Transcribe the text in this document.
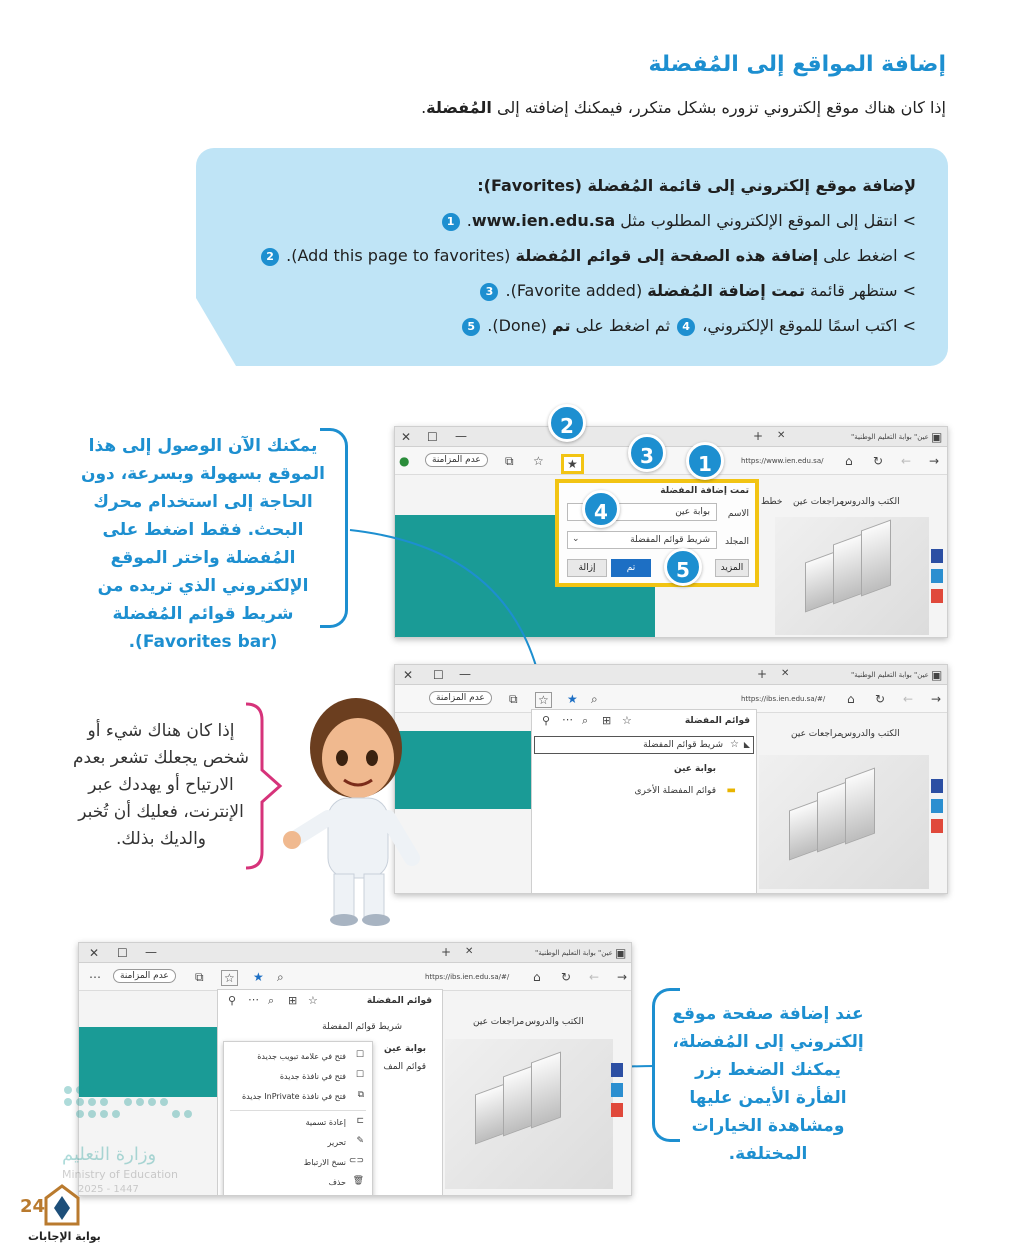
إضافة المواقع إلى المُفضلة
إذا كان هناك موقع إلكتروني تزوره بشكل متكرر، فيمكنك إضافته إلى المُفضلة.
لإضافة موقع إلكتروني إلى قائمة المُفضلة (Favorites):
> انتقل إلى الموقع الإلكتروني المطلوب مثل www.ien.edu.sa. 1
> اضغط على إضافة هذه الصفحة إلى قوائم المُفضلة (Add this page to favorites). 2
> ستظهر قائمة تمت إضافة المُفضلة (Favorite added). 3
> اكتب اسمًا للموقع الإلكتروني، 4 ثم اضغط على تم (Done). 5
✕ ☐ —	+ ✕	"عين" بوابة التعليم الوطنية ▣
●	عدم المزامنة	⧉ ☆	★	https://www.ien.edu.sa/ ⌂ ↻ ← →
الكتب والدروس
مراجعات عين
خطط
تمت إضافة المفضلة
الاسم
بوابة عين
المجلد
⌄	شريط قوائم المفضلة
المزيد
تم
إزالة
2
3	1
4
5
يمكنك الآن الوصول إلى هذا الموقع بسهولة وبسرعة، دون الحاجة إلى استخدام محرك البحث. فقط اضغط على المُفضلة واختر الموقع الإلكتروني الذي تريده من شريط قوائم المُفضلة (Favorites bar).
✕ ☐ —	+ ✕	"عين" بوابة التعليم الوطنية ▣
عدم المزامنة	⧉ ☆ ★ ⌕	https://ibs.ien.edu.sa/#/ ⌂ ↻ ← →
الكتب والدروس
مراجعات عين
قوائم المفضلة
⚲ ⋯ ⌕ ⊞ ☆
شريط قوائم المفضلة ☆ ◣
بوابة عين
قوائم المفضلة الأخرى ▬
إذا كان هناك شيء أو شخص يجعلك تشعر بعدم الارتياح أو يهددك عبر الإنترنت، فعليك أن تُخبر والديك بذلك.
✕ ☐ —	+ ✕	"عين" بوابة التعليم الوطنية ▣
⋯	عدم المزامنة	⧉ ☆ ★ ⌕	https://ibs.ien.edu.sa/#/ ⌂ ↻ ← →
الكتب والدروس
مراجعات عين
قوائم المفضلة
⚲ ⋯ ⌕ ⊞ ☆
شريط قوائم المفضلة
بوابة عين
قوائم المف
فتح في علامة تبويب جديدة
فتح في نافذة جديدة
فتح في نافذة InPrivate جديدة
إعادة تسمية
تحرير
نسخ الارتباط
حذف
☐
☐
⧉
⊏
✎
⊂⊃
🗑
عند إضافة صفحة موقع إلكتروني إلى المُفضلة، يمكنك الضغط بزر الفأرة الأيمن عليها ومشاهدة الخيارات المختلفة.
وزارة التعليم
Ministry of Education
2025 - 1447
24
بوابة الإجابات
